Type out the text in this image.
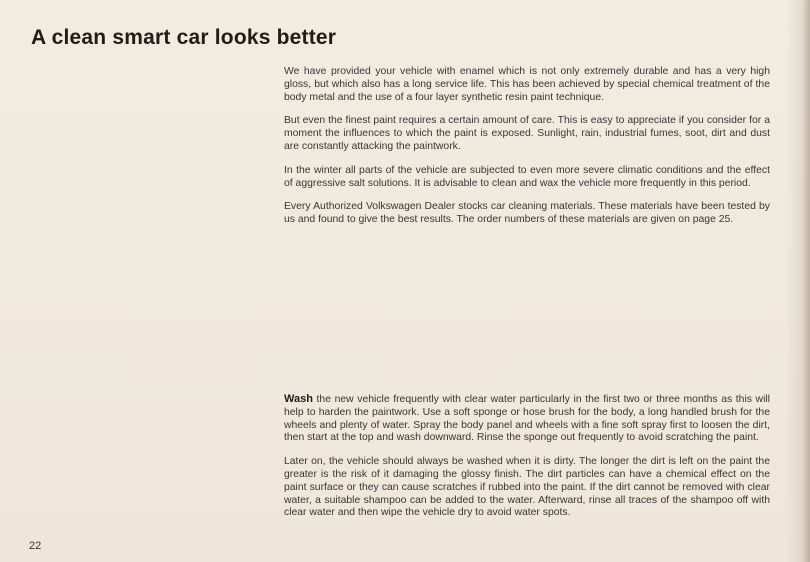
A clean smart car looks better

We have provided your vehicle with enamel which is not only extremely durable and has a very high gloss, but which also has a long service life. This has been achieved by special chemical treatment of the body metal and the use of a four layer synthetic resin paint technique.

But even the finest paint requires a certain amount of care. This is easy to appreciate if you consider for a moment the influences to which the paint is exposed. Sunlight, rain, industrial fumes, soot, dirt and dust are constantly attacking the paintwork.

In the winter all parts of the vehicle are subjected to even more severe climatic conditions and the effect of aggressive salt solutions. It is advisable to clean and wax the vehicle more frequently in this period.

Every Authorized Volkswagen Dealer stocks car cleaning materials. These materials have been tested by us and found to give the best results. The order numbers of these materials are given on page 25.

Wash the new vehicle frequently with clear water particularly in the first two or three months as this will help to harden the paintwork. Use a soft sponge or hose brush for the body, a long handled brush for the wheels and plenty of water. Spray the body panel and wheels with a fine soft spray first to loosen the dirt, then start at the top and wash downward. Rinse the sponge out frequently to avoid scratching the paint.

Later on, the vehicle should always be washed when it is dirty. The longer the dirt is left on the paint the greater is the risk of it damaging the glossy finish. The dirt particles can have a chemical effect on the paint surface or they can cause scratches if rubbed into the paint. If the dirt cannot be removed with clear water, a suitable shampoo can be added to the water. Afterward, rinse all traces of the shampoo off with clear water and then wipe the vehicle dry to avoid water spots.

22
